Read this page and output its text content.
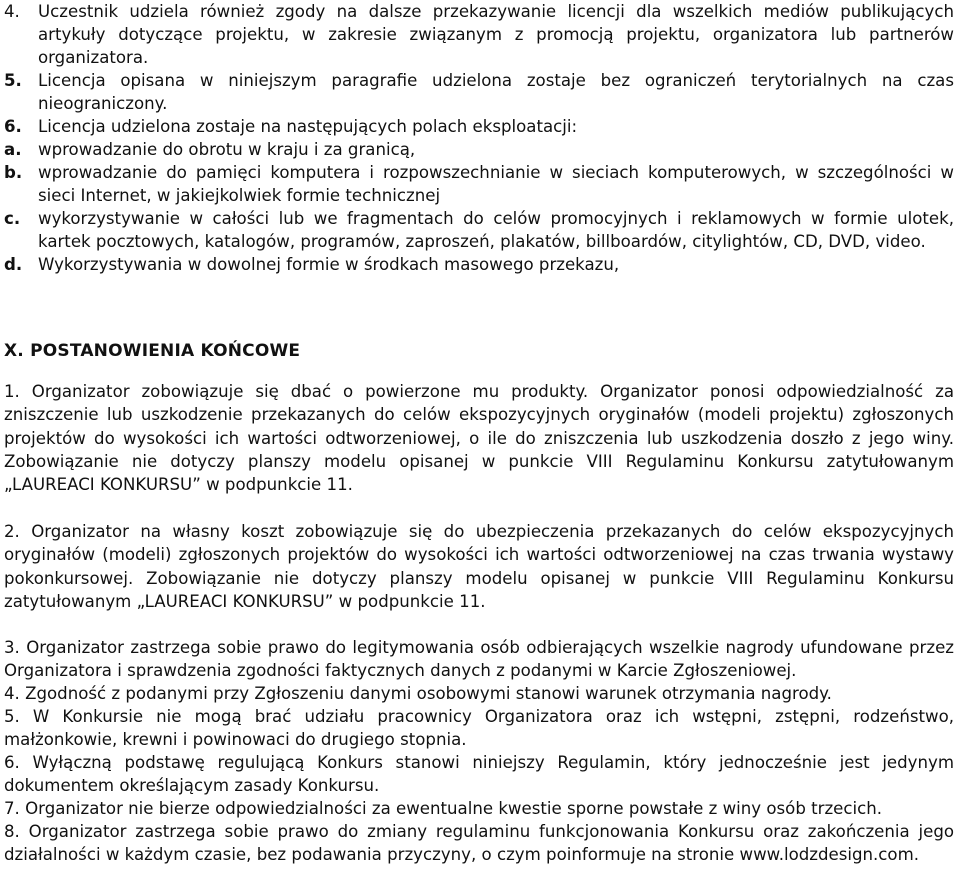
4.	Uczestnik udziela również zgody na dalsze przekazywanie licencji dla wszelkich mediów publikujących artykuły dotyczące projektu, w zakresie związanym z promocją projektu, organizatora lub partnerów organizatora.
5. Licencja opisana w niniejszym paragrafie udzielona zostaje bez ograniczeń terytorialnych na czas nieograniczony.
6. Licencja udzielona zostaje na następujących polach eksploatacji:
a. wprowadzanie do obrotu w kraju i za granicą,
b. wprowadzanie do pamięci komputera i rozpowszechnianie w sieciach komputerowych, w szczególności w sieci Internet, w jakiejkolwiek formie technicznej
c.	wykorzystywanie w całości lub we fragmentach do celów promocyjnych i reklamowych w formie ulotek, kartek pocztowych, katalogów, programów, zaproszeń, plakatów, billboardów, citylightów, CD, DVD, video.
d. Wykorzystywania w dowolnej formie w środkach masowego przekazu,
X. POSTANOWIENIA KOŃCOWE
1. Organizator zobowiązuje się dbać o powierzone mu produkty. Organizator ponosi odpowiedzialność za zniszczenie lub uszkodzenie przekazanych do celów ekspozycyjnych oryginałów (modeli projektu) zgłoszonych projektów do wysokości ich wartości odtworzeniowej, o ile do zniszczenia lub uszkodzenia doszło z jego winy. Zobowiązanie nie dotyczy planszy modelu opisanej w punkcie VIII Regulaminu Konkursu zatytułowanym „LAUREACI KONKURSU” w podpunkcie 11.
2. Organizator na własny koszt zobowiązuje się do ubezpieczenia przekazanych do celów ekspozycyjnych oryginałów (modeli) zgłoszonych projektów do wysokości ich wartości odtworzeniowej na czas trwania wystawy pokonkursowej. Zobowiązanie nie dotyczy planszy modelu opisanej w punkcie VIII Regulaminu Konkursu zatytułowanym „LAUREACI KONKURSU” w podpunkcie 11.
3. Organizator zastrzega sobie prawo do legitymowania osób odbierających wszelkie nagrody ufundowane przez Organizatora i sprawdzenia zgodności faktycznych danych z podanymi w Karcie Zgłoszeniowej.
4. Zgodność z podanymi przy Zgłoszeniu danymi osobowymi stanowi warunek otrzymania nagrody.
5. W Konkursie nie mogą brać udziału pracownicy Organizatora oraz ich wstępni, zstępni, rodzeństwo, małżonkowie, krewni i powinowaci do drugiego stopnia.
6. Wyłączną podstawę regulującą Konkurs stanowi niniejszy Regulamin, który jednocześnie jest jedynym dokumentem określającym zasady Konkursu.
7. Organizator nie bierze odpowiedzialności za ewentualne kwestie sporne powstałe z winy osób trzecich.
8. Organizator zastrzega sobie prawo do zmiany regulaminu funkcjonowania Konkursu oraz zakończenia jego działalności w każdym czasie, bez podawania przyczyny, o czym poinformuje na stronie www.lodzdesign.com.
